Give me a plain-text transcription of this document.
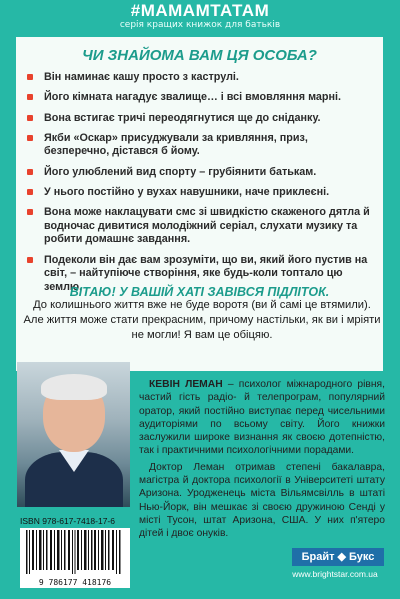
#МАМАМТАТАМ
серія кращих книжок для батьків
ЧИ ЗНАЙОМА ВАМ ЦЯ ОСОБА?
Він наминає кашу просто з каструлі.
Його кімната нагадує звалище… і всі вмовляння марні.
Вона встигає тричі переодягнутися ще до сніданку.
Якби «Оскар» присуджували за кривляння, приз, безперечно, дістався б йому.
Його улюблений вид спорту – грубіянити батькам.
У нього постійно у вухах навушники, наче приклеєні.
Вона може наклацувати смс зі швидкістю скаженого дятла й водночас дивитися молодіжний серіал, слухати музику та робити домашнє завдання.
Подеколи він дає вам зрозуміти, що ви, який його пустив на світ, – найтупіюче створіння, яке будь-коли топтало цю землю.
ВІТАЮ! У ВАШІЙ ХАТІ ЗАВІВСЯ ПІДЛІТОК.
До колишнього життя вже не буде воротя (ви й самі це втямили). Але життя може стати прекрасним, причому настільки, як ви і мріяти не могли! Я вам це обіцяю.

КЕВІН ЛЕМАН – психолог міжнародного рівня, частий гість радіо- й телепрограм, популярний оратор, який постійно виступає перед чисельними аудиторіями по всьому світу. Його книжки заслужили широке визнання як своєю дотепністю, так і практичними психологічними порадами.

Доктор Леман отримав степені бакалавра, магістра й доктора психології в Університеті штату Аризона. Уродженець міста Вільямсвілль в штаті Нью-Йорк, він мешкає зі своєю дружиною Сенді у місті Тусон, штат Аризона, США. У них п'ятеро дітей і двоє онуків.

ISBN 978-617-7418-17-6
9 786177 418176
Брайт ◆ Букс
www.brightstar.com.ua
